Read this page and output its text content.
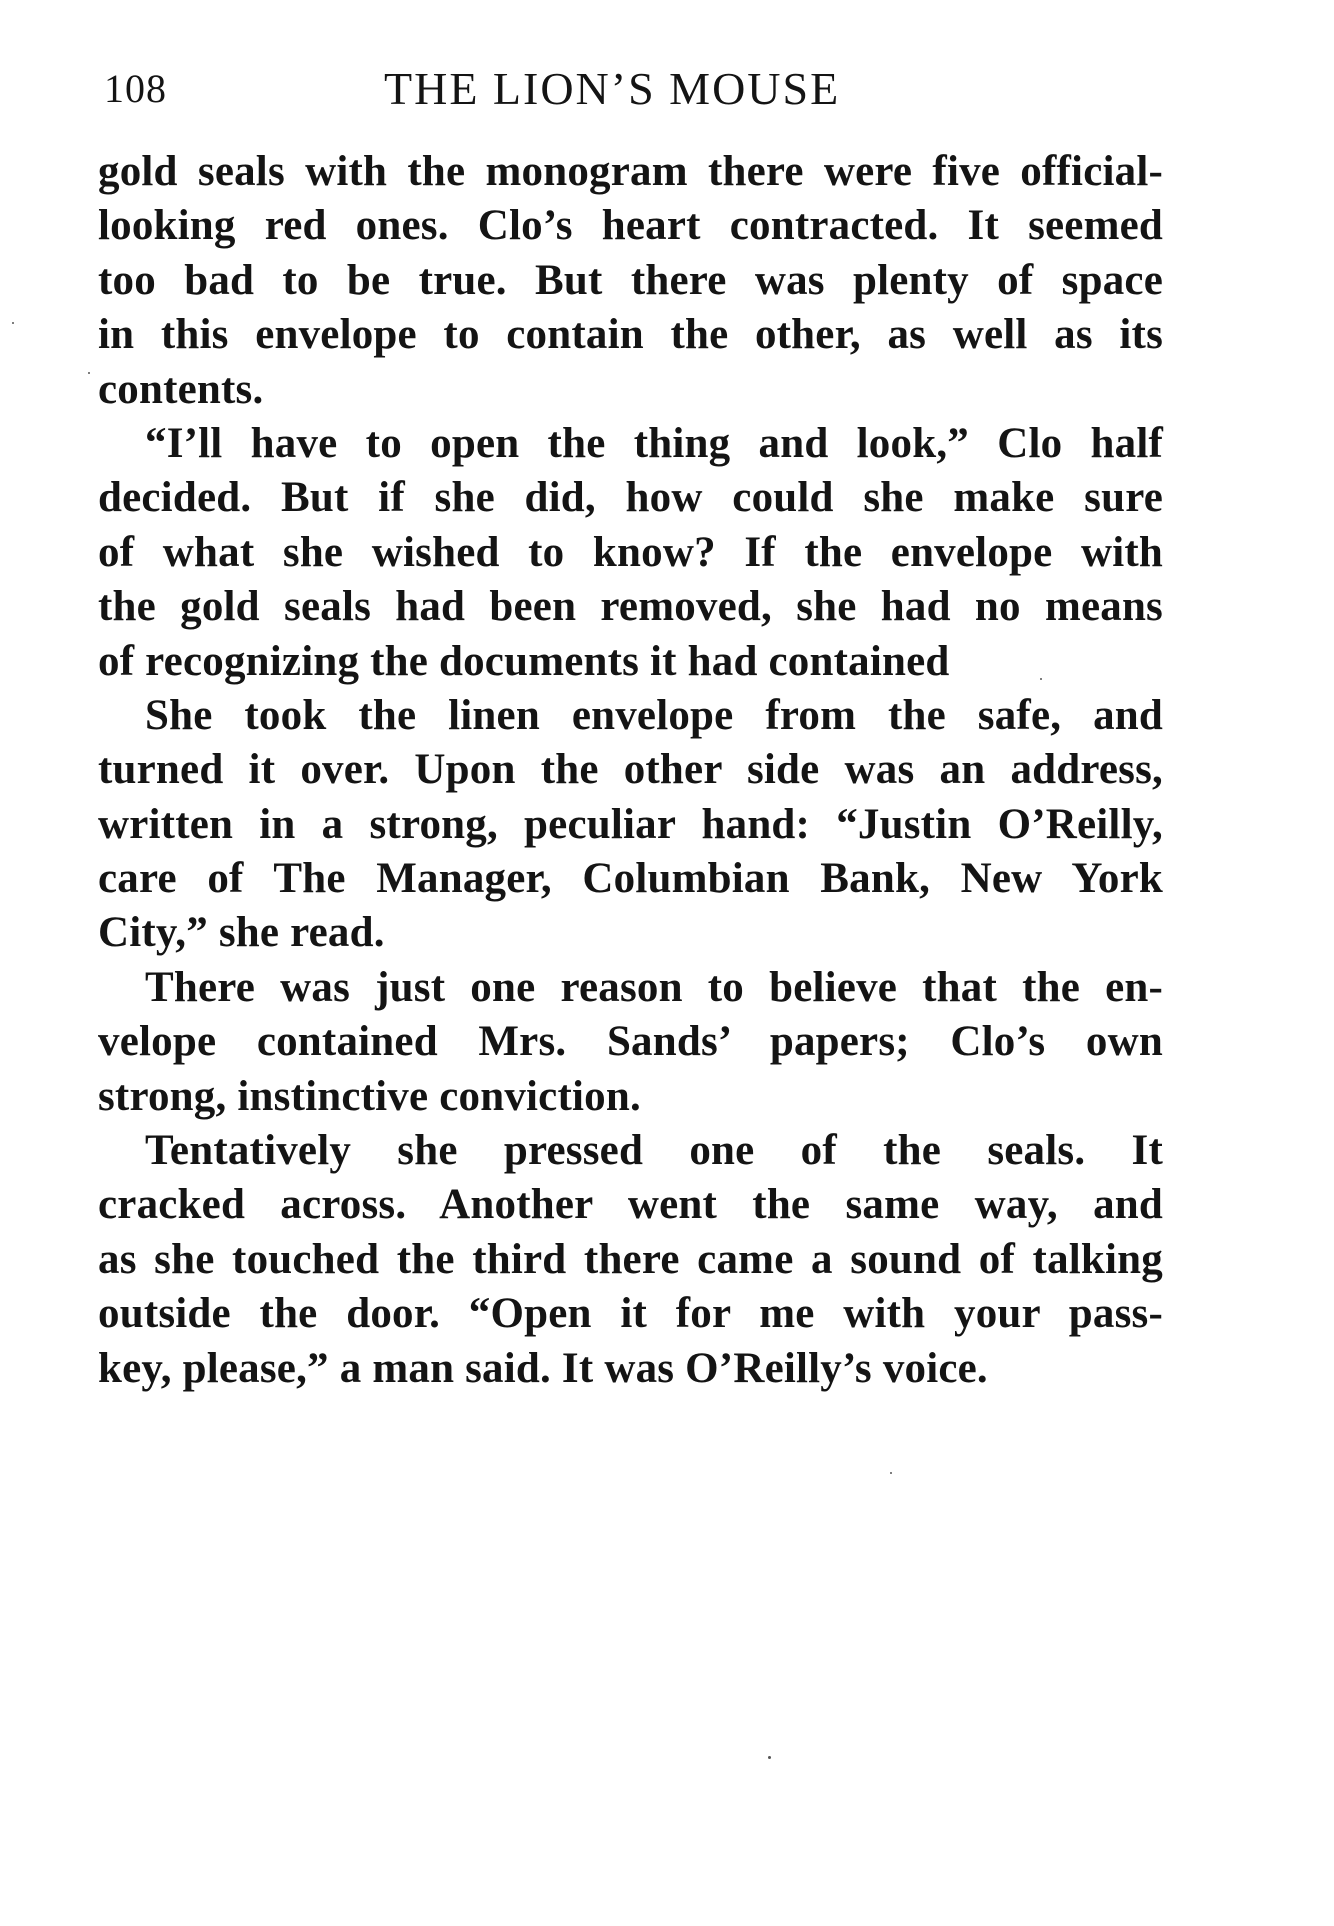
108	THE LION’S MOUSE
gold seals with the monogram there were five official-
looking red ones. Clo’s heart contracted. It seemed
too bad to be true. But there was plenty of space
in this envelope to contain the other, as well as its
contents.
“I’ll have to open the thing and look,” Clo half
decided. But if she did, how could she make sure
of what she wished to know? If the envelope with
the gold seals had been removed, she had no means
of recognizing the documents it had contained
She took the linen envelope from the safe, and
turned it over. Upon the other side was an address,
written in a strong, peculiar hand: “Justin O’Reilly,
care of The Manager, Columbian Bank, New York
City,” she read.
There was just one reason to believe that the en-
velope contained Mrs. Sands’ papers; Clo’s own
strong, instinctive conviction.
Tentatively she pressed one of the seals. It
cracked across. Another went the same way, and
as she touched the third there came a sound of talking
outside the door. “Open it for me with your pass-
key, please,” a man said. It was O’Reilly’s voice.
